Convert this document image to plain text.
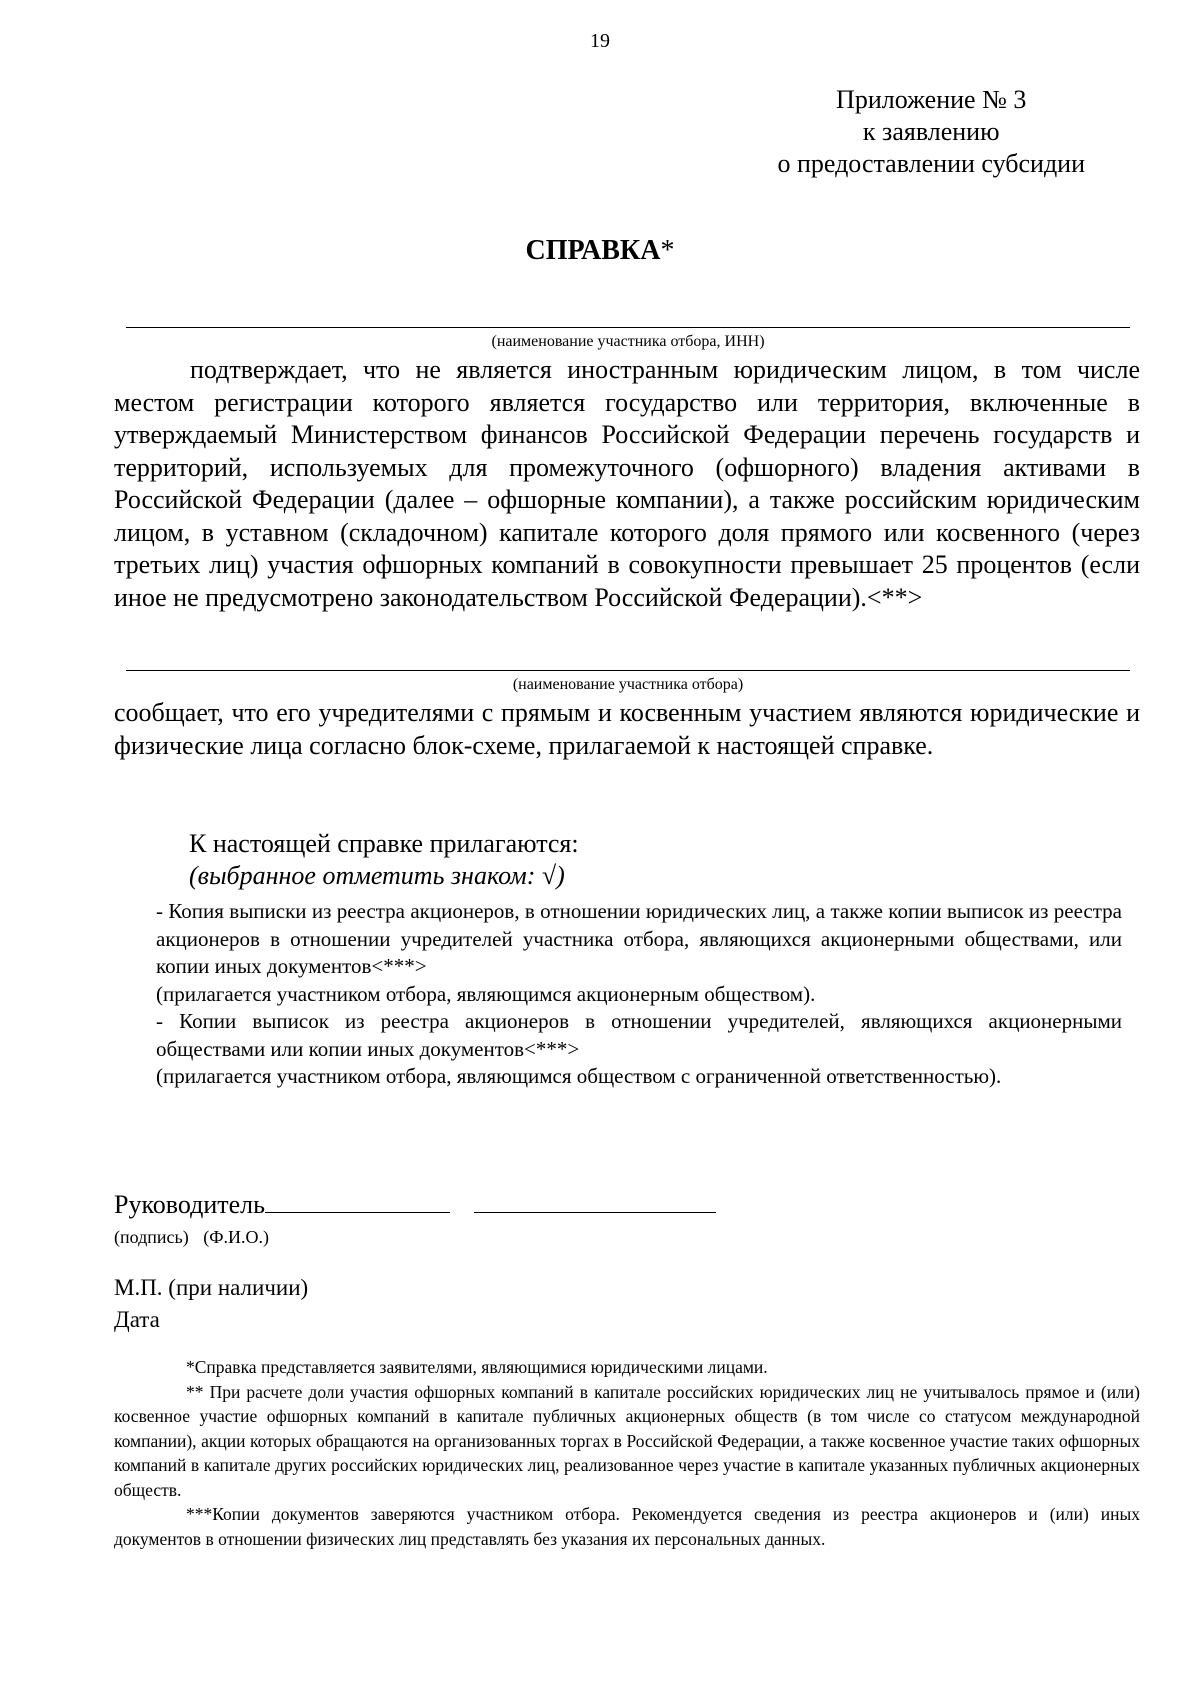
19
Приложение № 3
к заявлению
о предоставлении субсидии
СПРАВКА*
(наименование участника отбора, ИНН)
подтверждает, что не является иностранным юридическим лицом, в том числе местом регистрации которого является государство или территория, включенные в утверждаемый Министерством финансов Российской Федерации перечень государств и территорий, используемых для промежуточного (офшорного) владения активами в Российской Федерации (далее – офшорные компании), а также российским юридическим лицом, в уставном (складочном) капитале которого доля прямого или косвенного (через третьих лиц) участия офшорных компаний в совокупности превышает 25 процентов (если иное не предусмотрено законодательством Российской Федерации).<**>
(наименование участника отбора)
сообщает, что его учредителями с прямым и косвенным участием являются юридические и физические лица согласно блок-схеме, прилагаемой к настоящей справке.
К настоящей справке прилагаются:
(выбранное отметить знаком: √)

- Копия выписки из реестра акционеров, в отношении юридических лиц, а также копии выписок из реестра акционеров в отношении учредителей участника отбора, являющихся акционерными обществами, или копии иных документов<***>

(прилагается участником отбора, являющимся акционерным обществом).

- Копии выписок из реестра акционеров в отношении учредителей, являющихся акционерными обществами или копии иных документов<***>

(прилагается участником отбора, являющимся обществом с ограниченной ответственностью).

Руководитель
(подпись) (Ф.И.О.)
М.П. (при наличии)
Дата

*Справка представляется заявителями, являющимися юридическими лицами.

** При расчете доли участия офшорных компаний в капитале российских юридических лиц не учитывалось прямое и (или) косвенное участие офшорных компаний в капитале публичных акционерных обществ (в том числе со статусом международной компании), акции которых обращаются на организованных торгах в Российской Федерации, а также косвенное участие таких офшорных компаний в капитале других российских юридических лиц, реализованное через участие в капитале указанных публичных акционерных обществ.

***Копии документов заверяются участником отбора. Рекомендуется сведения из реестра акционеров и (или) иных документов в отношении физических лиц представлять без указания их персональных данных.
